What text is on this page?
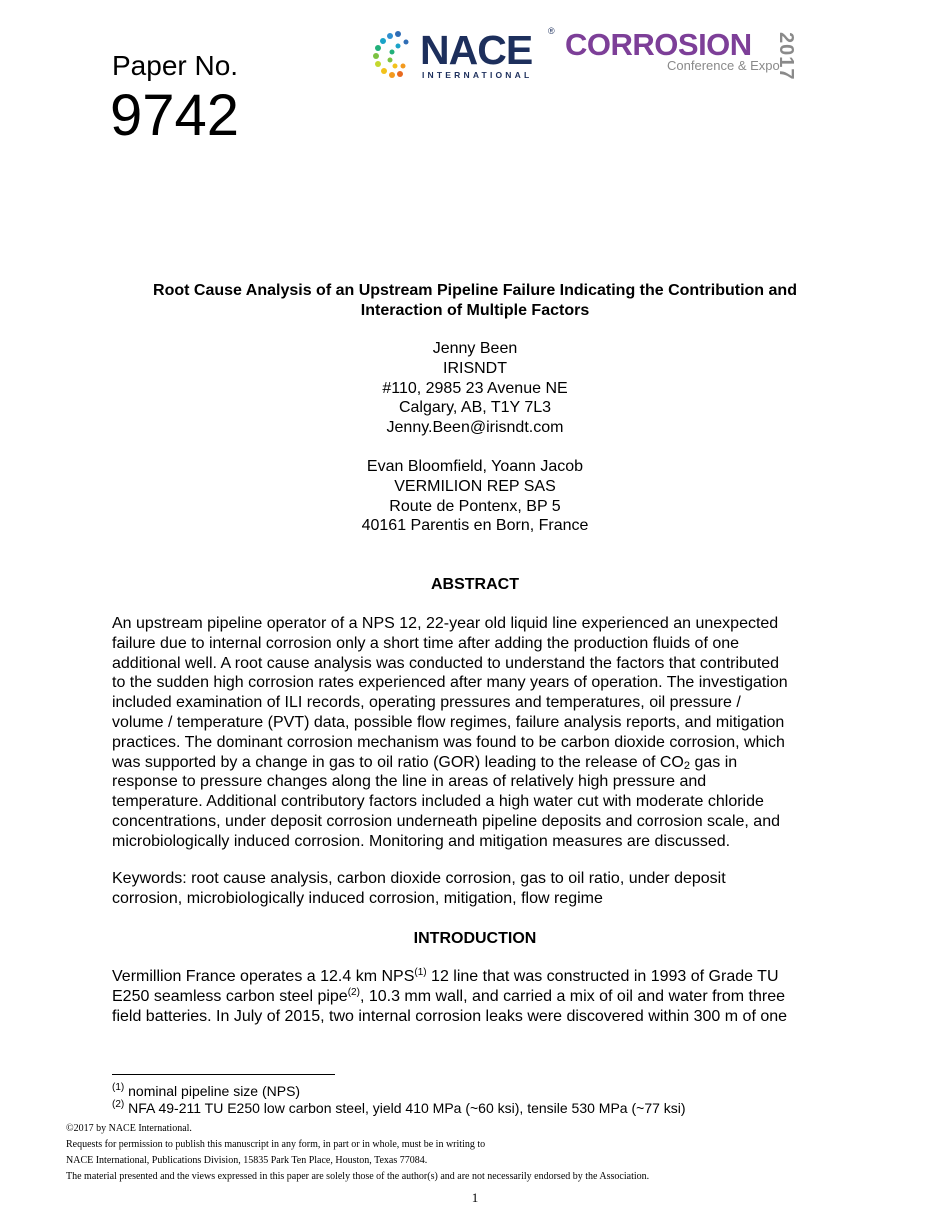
Paper No.
9742
NACE ®
INTERNATIONAL
CORROSION
Conference & Expo
2017
Root Cause Analysis of an Upstream Pipeline Failure Indicating the Contribution and
Interaction of Multiple Factors
Jenny Been
IRISNDT
#110, 2985 23 Avenue NE
Calgary, AB, T1Y 7L3
Jenny.Been@irisndt.com
Evan Bloomfield, Yoann Jacob
VERMILION REP SAS
Route de Pontenx, BP 5
40161 Parentis en Born, France
ABSTRACT
An upstream pipeline operator of a NPS 12, 22-year old liquid line experienced an unexpected
failure due to internal corrosion only a short time after adding the production fluids of one
additional well. A root cause analysis was conducted to understand the factors that contributed
to the sudden high corrosion rates experienced after many years of operation. The investigation
included examination of ILI records, operating pressures and temperatures, oil pressure /
volume / temperature (PVT) data, possible flow regimes, failure analysis reports, and mitigation
practices. The dominant corrosion mechanism was found to be carbon dioxide corrosion, which
was supported by a change in gas to oil ratio (GOR) leading to the release of $CO_2$ gas in
response to pressure changes along the line in areas of relatively high pressure and
temperature. Additional contributory factors included a high water cut with moderate chloride
concentrations, under deposit corrosion underneath pipeline deposits and corrosion scale, and
microbiologically induced corrosion. Monitoring and mitigation measures are discussed.
Keywords: root cause analysis, carbon dioxide corrosion, gas to oil ratio, under deposit
corrosion, microbiologically induced corrosion, mitigation, flow regime
INTRODUCTION
Vermillion France operates a 12.4 km NPS$^{(1)}$ 12 line that was constructed in 1993 of Grade TU
E250 seamless carbon steel pipe$^{(2)}$, 10.3 mm wall, and carried a mix of oil and water from three
field batteries. In July of 2015, two internal corrosion leaks were discovered within 300 m of one
$^{(1)}$ nominal pipeline size (NPS)
$^{(2)}$ NFA 49-211 TU E250 low carbon steel, yield 410 MPa (~60 ksi), tensile 530 MPa (~77 ksi)
©2017 by NACE International.
Requests for permission to publish this manuscript in any form, in part or in whole, must be in writing to
NACE International, Publications Division, 15835 Park Ten Place, Houston, Texas 77084.
The material presented and the views expressed in this paper are solely those of the author(s) and are not necessarily endorsed by the Association.
1
